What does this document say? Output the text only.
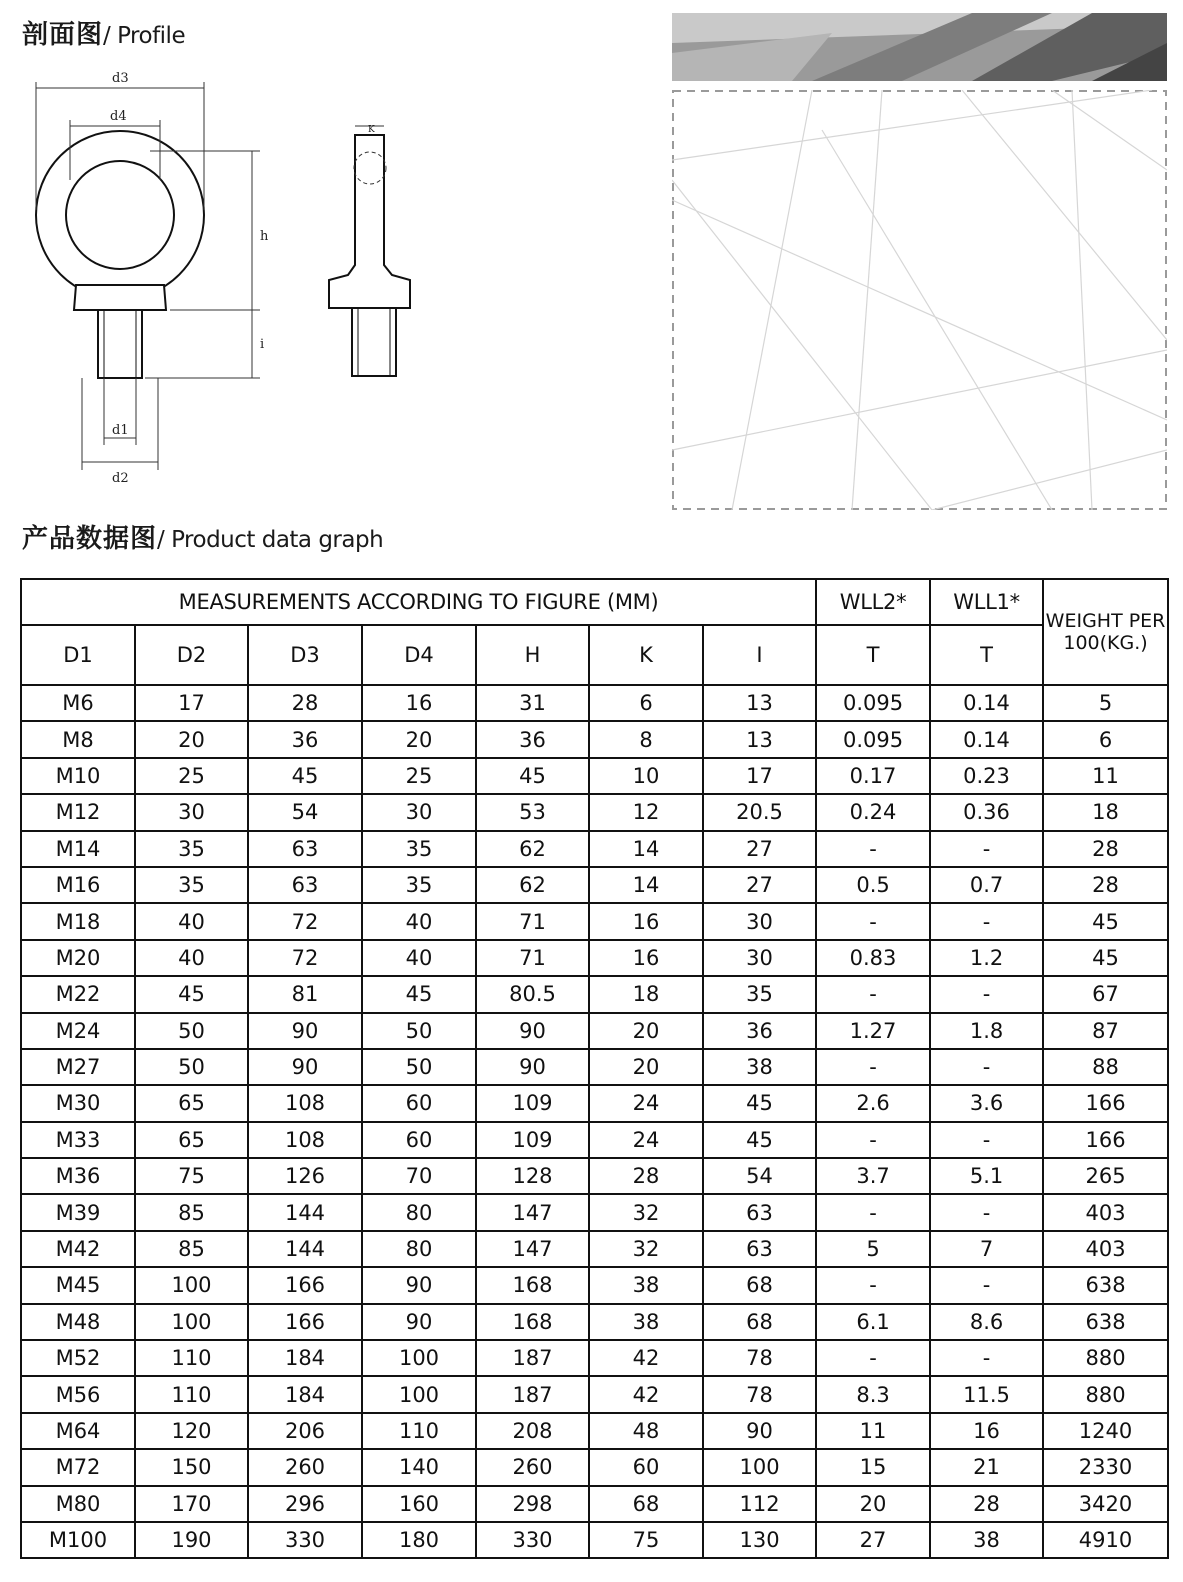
剖面图/ Profile
d3
d4
h
i
K
d1
d2
产品数据图/ Product data graph
MEASUREMENTS ACCORDING TO FIGURE (MM)							WLL2*	WLL1*	WEIGHT PER 100(KG.)
D1	D2	D3	D4	H	K	I	T	T	
M6	17	28	16	31	6	13	0.095	0.14	5
M8	20	36	20	36	8	13	0.095	0.14	6
M10	25	45	25	45	10	17	0.17	0.23	11
M12	30	54	30	53	12	20.5	0.24	0.36	18
M14	35	63	35	62	14	27	-	-	28
M16	35	63	35	62	14	27	0.5	0.7	28
M18	40	72	40	71	16	30	-	-	45
M20	40	72	40	71	16	30	0.83	1.2	45
M22	45	81	45	80.5	18	35	-	-	67
M24	50	90	50	90	20	36	1.27	1.8	87
M27	50	90	50	90	20	38	-	-	88
M30	65	108	60	109	24	45	2.6	3.6	166
M33	65	108	60	109	24	45	-	-	166
M36	75	126	70	128	28	54	3.7	5.1	265
M39	85	144	80	147	32	63	-	-	403
M42	85	144	80	147	32	63	5	7	403
M45	100	166	90	168	38	68	-	-	638
M48	100	166	90	168	38	68	6.1	8.6	638
M52	110	184	100	187	42	78	-	-	880
M56	110	184	100	187	42	78	8.3	11.5	880
M64	120	206	110	208	48	90	11	16	1240
M72	150	260	140	260	60	100	15	21	2330
M80	170	296	160	298	68	112	20	28	3420
M100	190	330	180	330	75	130	27	38	4910
